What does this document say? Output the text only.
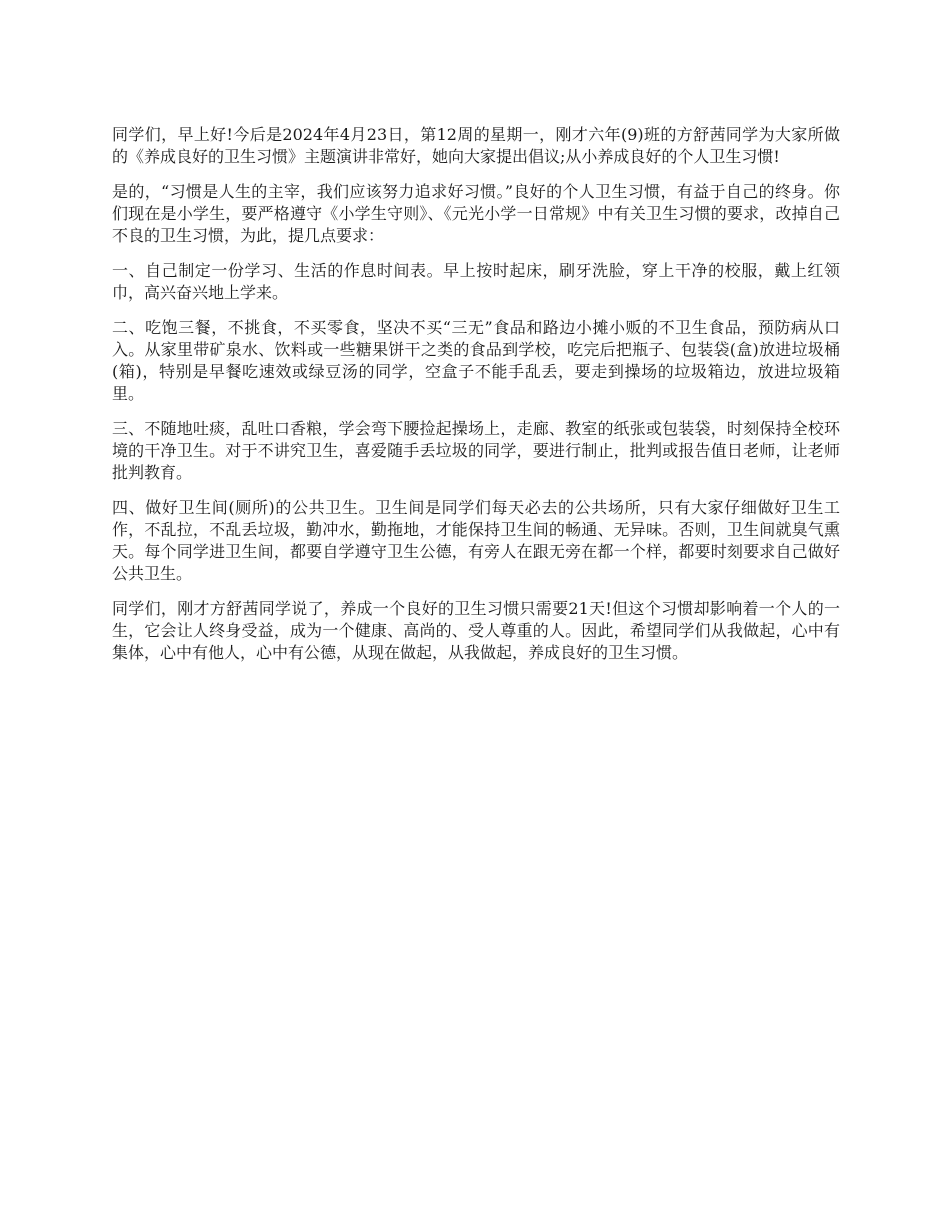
同学们，早上好!今后是2024年4月23日，第12周的星期一，刚才六年(9)班的方舒茜同学为大家所做的《养成良好的卫生习惯》主题演讲非常好，她向大家提出倡议;从小养成良好的个人卫生习惯!

是的，“习惯是人生的主宰，我们应该努力追求好习惯。”良好的个人卫生习惯，有益于自己的终身。你们现在是小学生，要严格遵守《小学生守则》、《元光小学一日常规》中有关卫生习惯的要求，改掉自己不良的卫生习惯，为此，提几点要求：

一、自己制定一份学习、生活的作息时间表。早上按时起床，刷牙洗脸，穿上干净的校服，戴上红领巾，高兴奋兴地上学来。

二、吃饱三餐，不挑食，不买零食，坚决不买“三无”食品和路边小摊小贩的不卫生食品，预防病从口入。从家里带矿泉水、饮料或一些糖果饼干之类的食品到学校，吃完后把瓶子、包装袋(盒)放进垃圾桶(箱)，特别是早餐吃速效或绿豆汤的同学，空盒子不能手乱丢，要走到操场的垃圾箱边，放进垃圾箱里。

三、不随地吐痰，乱吐口香粮，学会弯下腰捡起操场上，走廊、教室的纸张或包装袋，时刻保持全校环境的干净卫生。对于不讲究卫生，喜爱随手丢垃圾的同学，要进行制止，批判或报告值日老师，让老师批判教育。

四、做好卫生间(厕所)的公共卫生。卫生间是同学们每天必去的公共场所，只有大家仔细做好卫生工作，不乱拉，不乱丢垃圾，勤冲水，勤拖地，才能保持卫生间的畅通、无异味。否则，卫生间就臭气熏天。每个同学进卫生间，都要自学遵守卫生公德，有旁人在跟无旁在都一个样，都要时刻要求自己做好公共卫生。

同学们，刚才方舒茜同学说了，养成一个良好的卫生习惯只需要21天!但这个习惯却影响着一个人的一生，它会让人终身受益，成为一个健康、高尚的、受人尊重的人。因此，希望同学们从我做起，心中有集体，心中有他人，心中有公德，从现在做起，从我做起，养成良好的卫生习惯。
